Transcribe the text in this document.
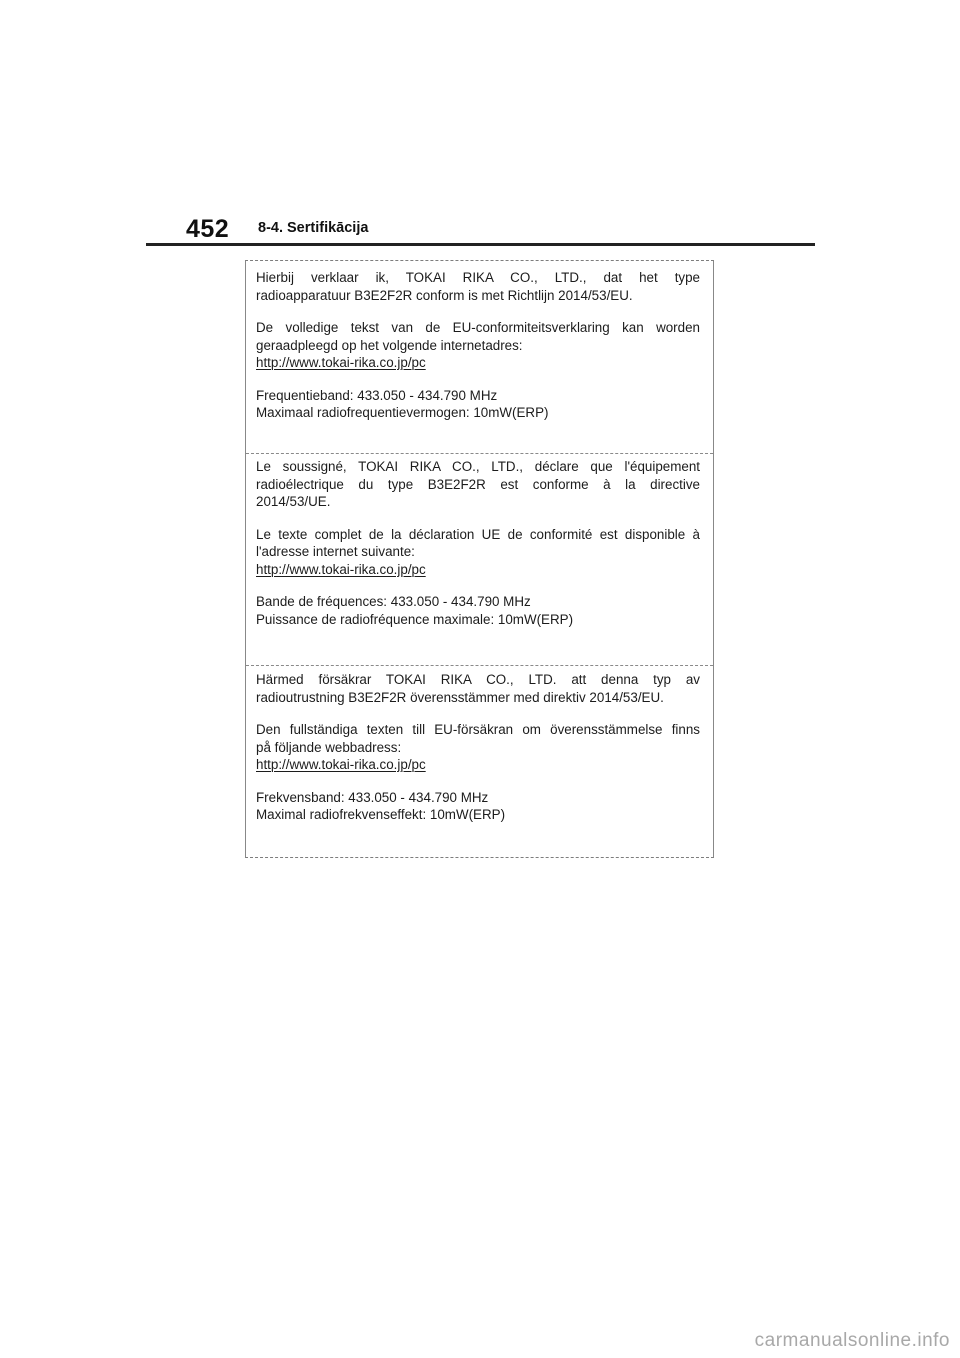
452 8-4. Sertifikācija

Hierbij verklaar ik, TOKAI RIKA CO., LTD., dat het type
radioapparatuur B3E2F2R conform is met Richtlijn 2014/53/EU.

De volledige tekst van de EU-conformiteitsverklaring kan worden
geraadpleegd op het volgende internetadres:
http://www.tokai-rika.co.jp/pc

Frequentieband: 433.050 - 434.790 MHz
Maximaal radiofrequentievermogen: 10mW(ERP)

Le soussigné, TOKAI RIKA CO., LTD., déclare que l'équipement
radioélectrique du type B3E2F2R est conforme à la directive
2014/53/UE.

Le texte complet de la déclaration UE de conformité est disponible à
l'adresse internet suivante:
http://www.tokai-rika.co.jp/pc

Bande de fréquences: 433.050 - 434.790 MHz
Puissance de radiofréquence maximale: 10mW(ERP)

Härmed försäkrar TOKAI RIKA CO., LTD. att denna typ av
radioutrustning B3E2F2R överensstämmer med direktiv 2014/53/EU.

Den fullständiga texten till EU-försäkran om överensstämmelse finns
på följande webbadress:
http://www.tokai-rika.co.jp/pc

Frekvensband: 433.050 - 434.790 MHz
Maximal radiofrekvenseffekt: 10mW(ERP)

carmanualsonline.info
